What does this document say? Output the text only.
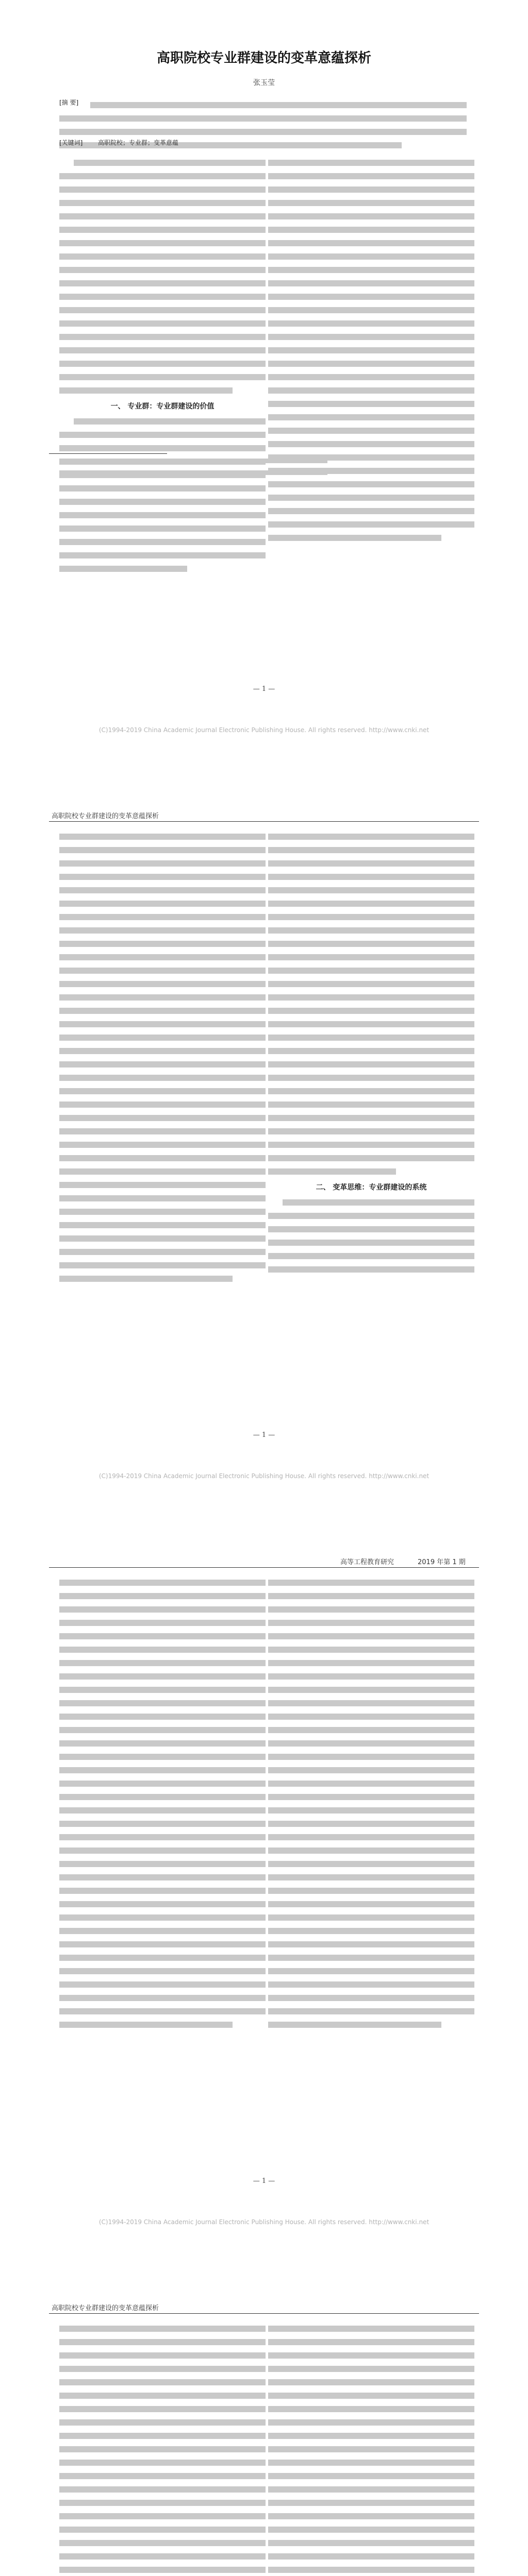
高职院校专业群建设的变革意蕴探析
张玉莹
[摘 要]
[关键词] 高职院校；专业群；变革意蕴
一、 专业群：专业群建设的价值
— 1 —
(C)1994-2019 China Academic Journal Electronic Publishing House. All rights reserved. http://www.cnki.net
高职院校专业群建设的变革意蕴探析
二、 变革思维：专业群建设的系统
— 1 —
(C)1994-2019 China Academic Journal Electronic Publishing House. All rights reserved. http://www.cnki.net
高等工程教育研究	2019 年第 1 期
— 1 —
(C)1994-2019 China Academic Journal Electronic Publishing House. All rights reserved. http://www.cnki.net
高职院校专业群建设的变革意蕴探析
